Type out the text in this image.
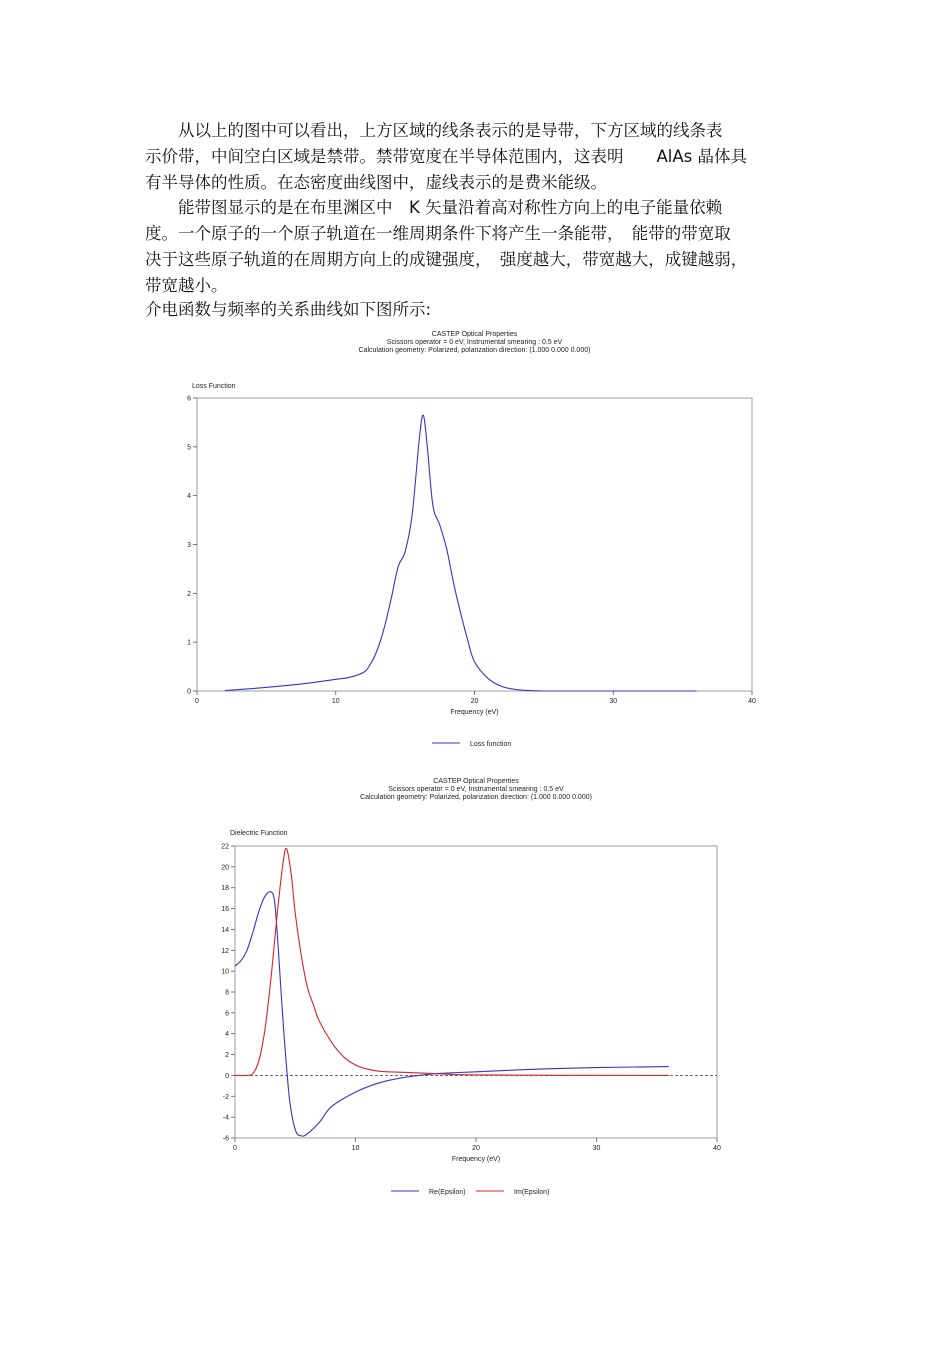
　　从以上的图中可以看出，上方区域的线条表示的是导带，下方区域的线条表
示价带，中间空白区域是禁带。禁带宽度在半导体范围内，这表明　　AlAs 晶体具
有半导体的性质。在态密度曲线图中，虚线表示的是费米能级。
　　能带图显示的是在布里渊区中　K 矢量沿着高对称性方向上的电子能量依赖
度。一个原子的一个原子轨道在一维周期条件下将产生一条能带，　能带的带宽取
决于这些原子轨道的在周期方向上的成键强度，　强度越大，带宽越大，成键越弱，
带宽越小。
介电函数与频率的关系曲线如下图所示:
CASTEP Optical Properties
Scissors operator = 0 eV, Instrumental smearing : 0.5 eV
Calculation geometry: Polarized, polarization direction: (1.000 0.000 0.000)
Loss Function
0	10	20	30	40
0
1
2
3
4
5
6
Frequency (eV)
Loss function
CASTEP Optical Properties
Scissors operator = 0 eV, Instrumental smearing : 0.5 eV
Calculation geometry: Polarized, polarization direction: (1.000 0.000 0.000)
Dielectric Function
0	10	20	30	40
-6
-4
-2
0
2
4
6
8
10
12
14
16
18
20
22
Frequency (eV)
Re(Epsilon)	Im(Epsilon)
